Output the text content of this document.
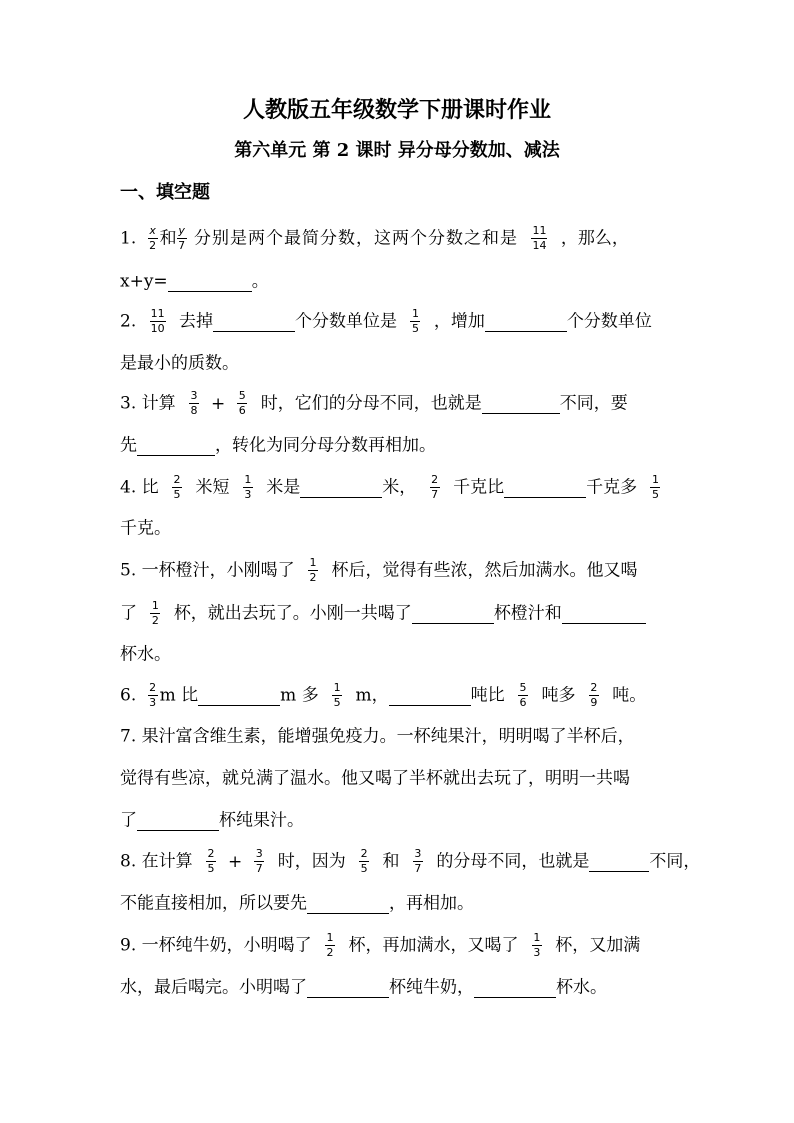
人教版五年级数学下册课时作业
第六单元 第 2 课时 异分母分数加、减法
一、填空题
1. $\frac{x}{2}$ 和 $\frac{y}{7}$ 分别是两个最简分数，这两个分数之和是 $\frac{11}{14}$ ，那么，
x+y=	。
2. $\frac{11}{10}$ 去掉	个分数单位是 $\frac{1}{5}$ ，增加	个分数单位
是最小的质数。
3. 计算 $\frac{3}{8} + \frac{5}{6}$ 时，它们的分母不同，也就是	不同，要
先	，转化为同分母分数再相加。
4. 比 $\frac{2}{5}$ 米短 $\frac{1}{3}$ 米是	米， $\frac{2}{7}$ 千克比	千克多 $\frac{1}{5}$
千克。
5. 一杯橙汁，小刚喝了 $\frac{1}{2}$ 杯后，觉得有些浓，然后加满水。他又喝
了 $\frac{1}{2}$ 杯，就出去玩了。小刚一共喝了	杯橙汁和
杯水。
6. $\frac{2}{3}$ m 比	m 多 $\frac{1}{5}$ m，	吨比 $\frac{5}{6}$ 吨多 $\frac{2}{9}$ 吨。
7. 果汁富含维生素，能增强免疫力。一杯纯果汁，明明喝了半杯后，
觉得有些凉，就兑满了温水。他又喝了半杯就出去玩了，明明一共喝
了	杯纯果汁。
8. 在计算 $\frac{2}{5} + \frac{3}{7}$ 时，因为 $\frac{2}{5}$ 和 $\frac{3}{7}$ 的分母不同，也就是	不同，
不能直接相加，所以要先	，再相加。
9. 一杯纯牛奶，小明喝了 $\frac{1}{2}$ 杯，再加满水，又喝了 $\frac{1}{3}$ 杯，又加满
水，最后喝完。小明喝了	杯纯牛奶，	杯水。
